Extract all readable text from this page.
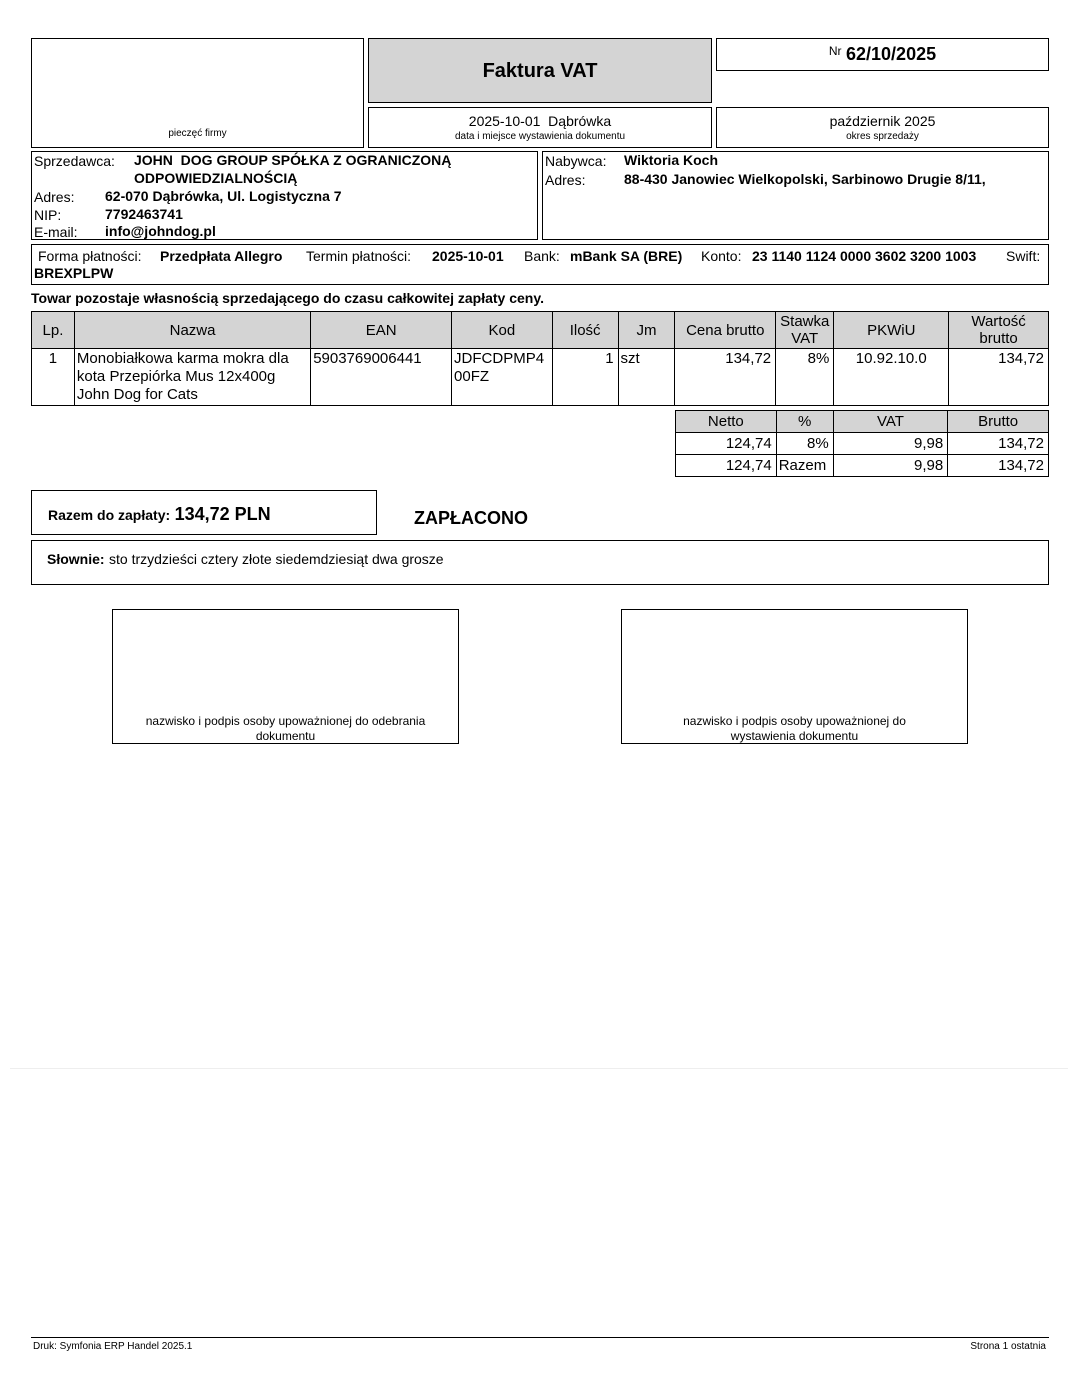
pieczęć firmy
Faktura VAT
$^{Nr}$ 62/10/2025
2025-10-01  Dąbrówka
data i miejsce wystawienia dokumentu
październik 2025
okres sprzedaży
Sprzedawca: JOHN  DOG GROUP SPÓŁKA Z OGRANICZONĄ
ODPOWIEDZIALNOŚCIĄ
Adres: 62-070 Dąbrówka, Ul. Logistyczna 7
NIP:	7792463741
E-mail: info@johndog.pl
Nabywca: Wiktoria Koch
Adres:	88-430 Janowiec Wielkopolski, Sarbinowo Drugie 8/11,
Forma płatności: Przedpłata Allegro Termin płatności: 2025-10-01 Bank: mBank SA (BRE) Konto: 23 1140 1124 0000 3602 3200 1003 Swift:
BREXPLPW
Towar pozostaje własnością sprzedającego do czasu całkowitej zapłaty ceny.
Lp.	Nazwa	EAN	Kod	Ilość	Jm	Cena brutto	Stawka VAT	PKWiU	Wartość brutto
1	Monobiałkowa karma mokra dla kota Przepiórka Mus 12x400g John Dog for Cats	5903769006441	JDFCDPMP400FZ	1	szt	134,72	8%	10.92.10.0	134,72
Netto	%	VAT	Brutto
124,74	8%	9,98	134,72
124,74	Razem	9,98	134,72
Razem do zapłaty: 134,72 PLN	ZAPŁACONO
Słownie: sto trzydzieści cztery złote siedemdziesiąt dwa grosze
nazwisko i podpis osoby upoważnionej do odebrania dokumentu
nazwisko i podpis osoby upoważnionej do wystawienia dokumentu
Druk: Symfonia ERP Handel 2025.1	Strona 1 ostatnia
